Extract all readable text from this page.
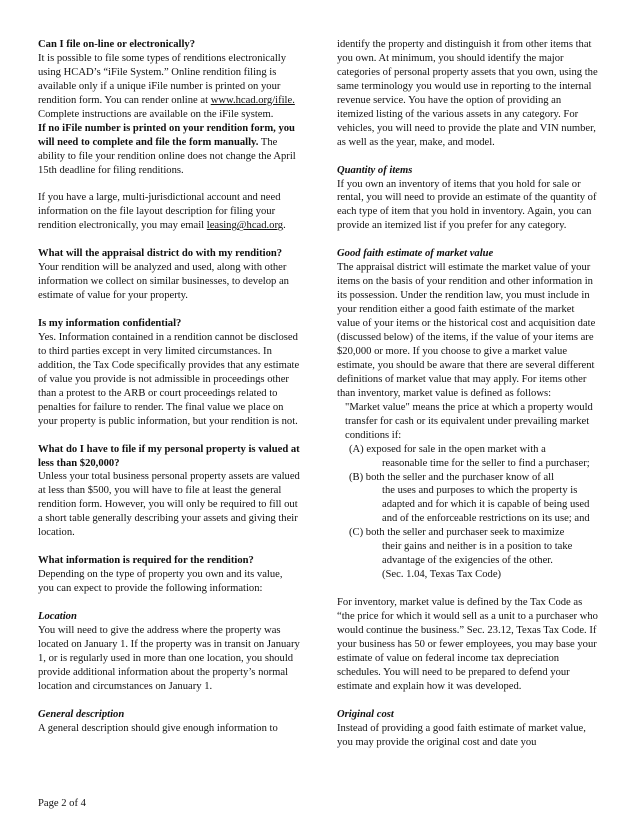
Can I file on-line or electronically?

It is possible to file some types of renditions electronically using HCAD’s “iFile System.” Online rendition filing is available only if a unique iFile number is printed on your rendition form. You can render online at www.hcad.org/ifile. Complete instructions are available on the iFile system.
If no iFile number is printed on your rendition form, you will need to complete and file the form manually. The ability to file your rendition online does not change the April 15th deadline for filing renditions.

If you have a large, multi-jurisdictional account and need information on the file layout description for filing your rendition electronically, you may email leasing@hcad.org.

What will the appraisal district do with my rendition?

Your rendition will be analyzed and used, along with other information we collect on similar businesses, to develop an estimate of value for your property.

Is my information confidential?

Yes. Information contained in a rendition cannot be disclosed to third parties except in very limited circumstances. In addition, the Tax Code specifically provides that any estimate of value you provide is not admissible in proceedings other than a protest to the ARB or court proceedings related to penalties for failure to render. The final value we place on your property is public information, but your rendition is not.

What do I have to file if my personal property is valued at less than $20,000?

Unless your total business personal property assets are valued at less than $500, you will have to file at least the general rendition form. However, you will only be required to fill out a short table generally describing your assets and giving their location.

What information is required for the rendition?

Depending on the type of property you own and its value, you can expect to provide the following information:

Location

You will need to give the address where the property was located on January 1. If the property was in transit on January 1, or is regularly used in more than one location, you should provide additional information about the property’s normal location and circumstances on January 1.

General description

A general description should give enough information to

identify the property and distinguish it from other items that you own. At minimum, you should identify the major categories of personal property assets that you own, using the same terminology you would use in reporting to the internal revenue service. You have the option of providing an itemized listing of the various assets in any category. For vehicles, you will need to provide the plate and VIN number, as well as the year, make, and model.

Quantity of items

If you own an inventory of items that you hold for sale or rental, you will need to provide an estimate of the quantity of each type of item that you hold in inventory. Again, you can provide an itemized list if you prefer for any category.

Good faith estimate of market value

The appraisal district will estimate the market value of your items on the basis of your rendition and other information in its possession. Under the rendition law, you must include in your rendition either a good faith estimate of the market value of your items or the historical cost and acquisition date (discussed below) of the items, if the value of your items are $20,000 or more. If you choose to give a market value estimate, you should be aware that there are several different definitions of market value that may apply. For items other than inventory, market value is defined as follows:

"Market value" means the price at which a property would transfer for cash or its equivalent under prevailing market conditions if:

(A) exposed for sale in the open market with a

reasonable time for the seller to find a purchaser;

(B) both the seller and the purchaser know of all

the uses and purposes to which the property is adapted and for which it is capable of being used and of the enforceable restrictions on its use; and

(C) both the seller and purchaser seek to maximize

their gains and neither is in a position to take advantage of the exigencies of the other.

(Sec. 1.04, Texas Tax Code)

For inventory, market value is defined by the Tax Code as “the price for which it would sell as a unit to a purchaser who would continue the business.” Sec. 23.12, Texas Tax Code. If your business has 50 or fewer employees, you may base your estimate of value on federal income tax depreciation schedules. You will need to be prepared to defend your estimate and explain how it was developed.

Original cost

Instead of providing a good faith estimate of market value, you may provide the original cost and date you

Page 2 of 4
